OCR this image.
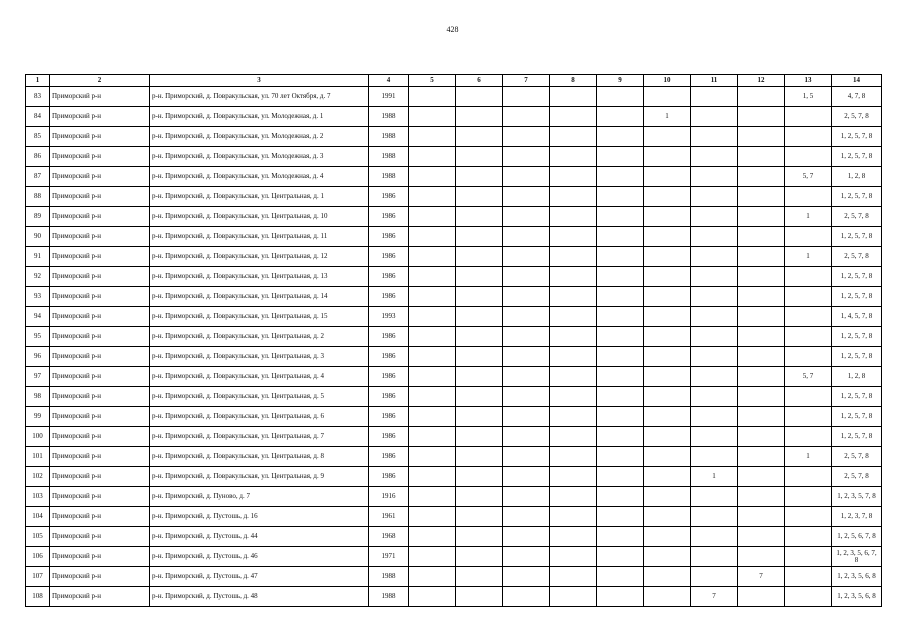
428
1	2	3	4	5	6	7	8	9	10	11	12	13	14
83	Приморский р-н	р-н. Приморский, д. Повракульская, ул. 70 лет Октября, д. 7	1991									1, 5	4, 7, 8
84	Приморский р-н	р-н. Приморский, д. Повракульская, ул. Молодежная, д. 1	1988						1				2, 5, 7, 8
85	Приморский р-н	р-н. Приморский, д. Повракульская, ул. Молодежная, д. 2	1988										1, 2, 5, 7, 8
86	Приморский р-н	р-н. Приморский, д. Повракульская, ул. Молодежная, д. 3	1988										1, 2, 5, 7, 8
87	Приморский р-н	р-н. Приморский, д. Повракульская, ул. Молодежная, д. 4	1988									5, 7	1, 2, 8
88	Приморский р-н	р-н. Приморский, д. Повракульская, ул. Центральная, д. 1	1986										1, 2, 5, 7, 8
89	Приморский р-н	р-н. Приморский, д. Повракульская, ул. Центральная, д. 10	1986									1	2, 5, 7, 8
90	Приморский р-н	р-н. Приморский, д. Повракульская, ул. Центральная, д. 11	1986										1, 2, 5, 7, 8
91	Приморский р-н	р-н. Приморский, д. Повракульская, ул. Центральная, д. 12	1986									1	2, 5, 7, 8
92	Приморский р-н	р-н. Приморский, д. Повракульская, ул. Центральная, д. 13	1986										1, 2, 5, 7, 8
93	Приморский р-н	р-н. Приморский, д. Повракульская, ул. Центральная, д. 14	1986										1, 2, 5, 7, 8
94	Приморский р-н	р-н. Приморский, д. Повракульская, ул. Центральная, д. 15	1993										1, 4, 5, 7, 8
95	Приморский р-н	р-н. Приморский, д. Повракульская, ул. Центральная, д. 2	1986										1, 2, 5, 7, 8
96	Приморский р-н	р-н. Приморский, д. Повракульская, ул. Центральная, д. 3	1986										1, 2, 5, 7, 8
97	Приморский р-н	р-н. Приморский, д. Повракульская, ул. Центральная, д. 4	1986									5, 7	1, 2, 8
98	Приморский р-н	р-н. Приморский, д. Повракульская, ул. Центральная, д. 5	1986										1, 2, 5, 7, 8
99	Приморский р-н	р-н. Приморский, д. Повракульская, ул. Центральная, д. 6	1986										1, 2, 5, 7, 8
100	Приморский р-н	р-н. Приморский, д. Повракульская, ул. Центральная, д. 7	1986										1, 2, 5, 7, 8
101	Приморский р-н	р-н. Приморский, д. Повракульская, ул. Центральная, д. 8	1986									1	2, 5, 7, 8
102	Приморский р-н	р-н. Приморский, д. Повракульская, ул. Центральная, д. 9	1986							1			2, 5, 7, 8
103	Приморский р-н	р-н. Приморский, д. Пуново, д. 7	1916										1, 2, 3, 5, 7, 8
104	Приморский р-н	р-н. Приморский, д. Пустошь, д. 16	1961										1, 2, 3, 7, 8
105	Приморский р-н	р-н. Приморский, д. Пустошь, д. 44	1968										1, 2, 5, 6, 7, 8
106	Приморский р-н	р-н. Приморский, д. Пустошь, д. 46	1971										1, 2, 3, 5, 6, 7, 8
107	Приморский р-н	р-н. Приморский, д. Пустошь, д. 47	1988								7		1, 2, 3, 5, 6, 8
108	Приморский р-н	р-н. Приморский, д. Пустошь, д. 48	1988							7			1, 2, 3, 5, 6, 8
